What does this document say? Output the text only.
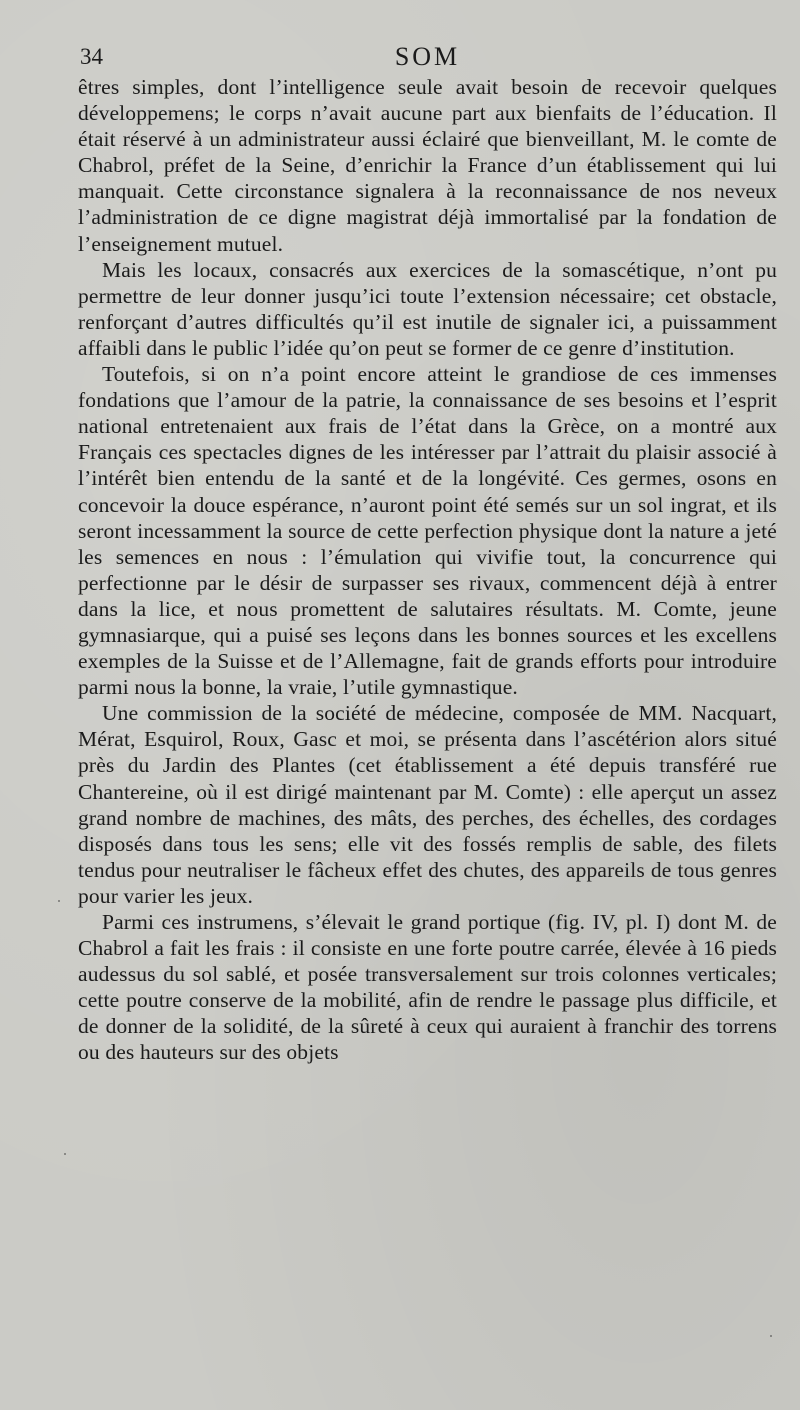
34	SOM

êtres simples, dont l’intelligence seule avait besoin de recevoir quelques développemens; le corps n’avait aucune part aux bienfaits de l’éducation. Il était réservé à un administrateur aussi éclairé que bienveillant, M. le comte de Chabrol, préfet de la Seine, d’enrichir la France d’un établissement qui lui manquait. Cette circonstance signalera à la reconnaissance de nos neveux l’administration de ce digne magistrat déjà immortalisé par la fondation de l’enseignement mutuel.

Mais les locaux, consacrés aux exercices de la somascétique, n’ont pu permettre de leur donner jusqu’ici toute l’extension nécessaire; cet obstacle, renforçant d’autres difficultés qu’il est inutile de signaler ici, a puissamment affaibli dans le public l’idée qu’on peut se former de ce genre d’institution.

Toutefois, si on n’a point encore atteint le grandiose de ces immenses fondations que l’amour de la patrie, la connaissance de ses besoins et l’esprit national entretenaient aux frais de l’état dans la Grèce, on a montré aux Français ces spectacles dignes de les intéresser par l’attrait du plaisir associé à l’intérêt bien entendu de la santé et de la longévité. Ces germes, osons en concevoir la douce espérance, n’auront point été semés sur un sol ingrat, et ils seront incessamment la source de cette perfection physique dont la nature a jeté les semences en nous : l’émulation qui vivifie tout, la concurrence qui perfectionne par le désir de surpasser ses rivaux, commencent déjà à entrer dans la lice, et nous promettent de salutaires résultats. M. Comte, jeune gymnasiarque, qui a puisé ses leçons dans les bonnes sources et les excellens exemples de la Suisse et de l’Allemagne, fait de grands efforts pour introduire parmi nous la bonne, la vraie, l’utile gymnastique.

Une commission de la société de médecine, composée de MM. Nacquart, Mérat, Esquirol, Roux, Gasc et moi, se présenta dans l’ascétérion alors situé près du Jardin des Plantes (cet établissement a été depuis transféré rue Chantereine, où il est dirigé maintenant par M. Comte) : elle aperçut un assez grand nombre de machines, des mâts, des perches, des échelles, des cordages disposés dans tous les sens; elle vit des fossés remplis de sable, des filets tendus pour neutraliser le fâcheux effet des chutes, des appareils de tous genres pour varier les jeux.

Parmi ces instrumens, s’élevait le grand portique (fig. IV, pl. I) dont M. de Chabrol a fait les frais : il consiste en une forte poutre carrée, élevée à 16 pieds audessus du sol sablé, et posée transversalement sur trois colonnes verticales; cette poutre conserve de la mobilité, afin de rendre le passage plus difficile, et de donner de la solidité, de la sûreté à ceux qui auraient à franchir des torrens ou des hauteurs sur des objets
